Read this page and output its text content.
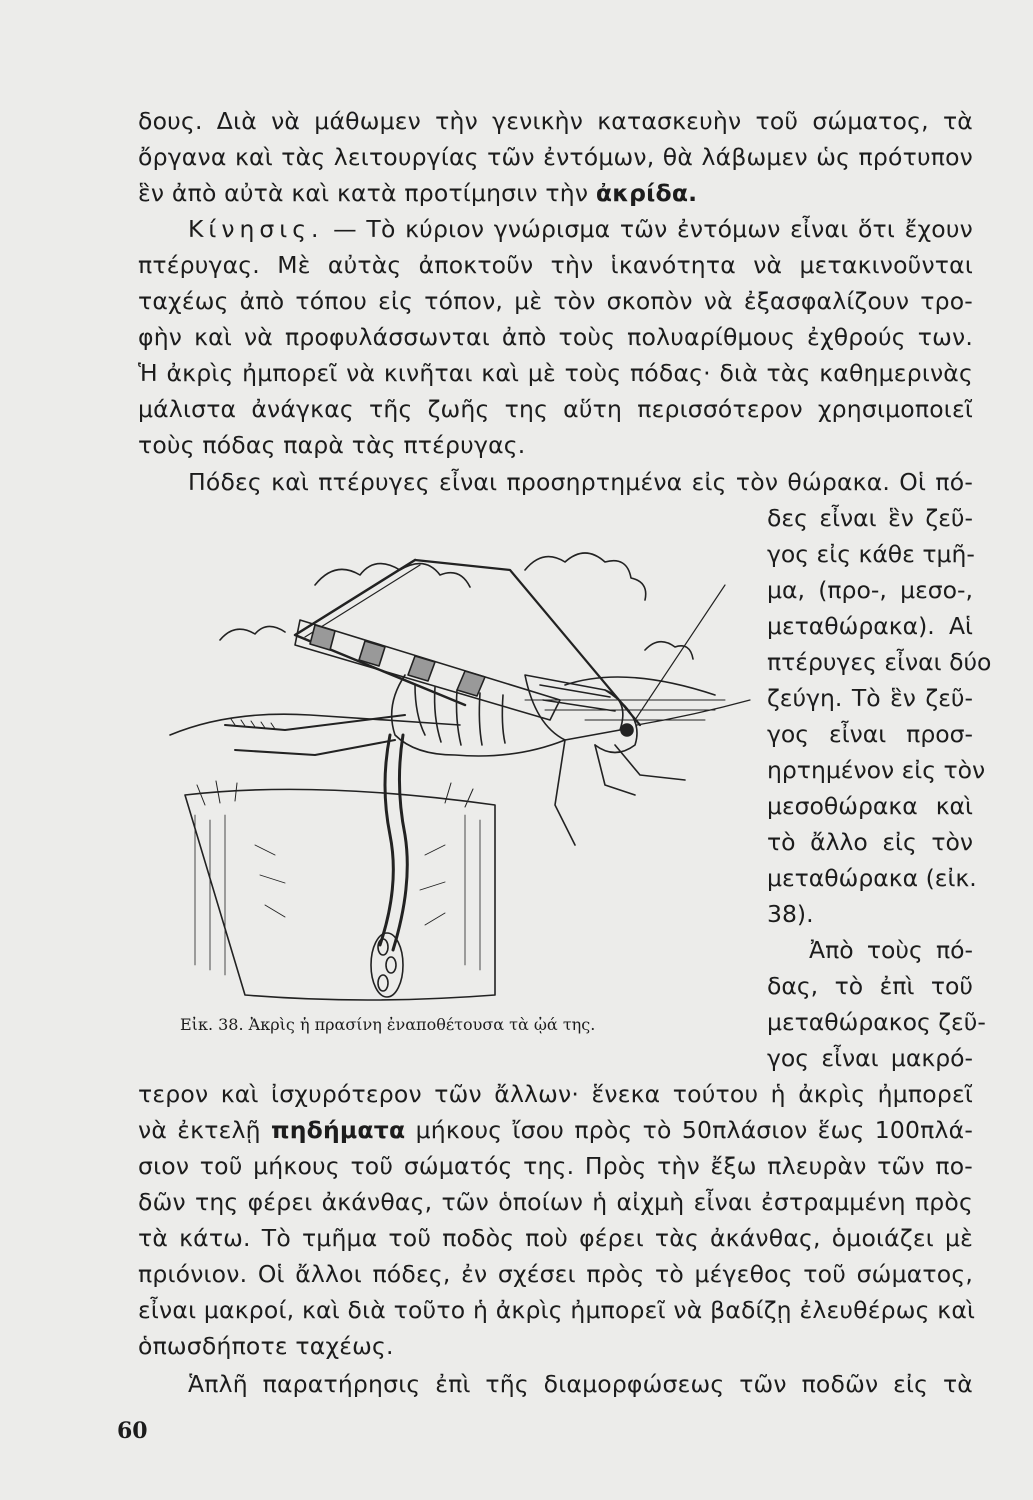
δους. Διὰ νὰ μάθωμεν τὴν γενικὴν κατασκευὴν τοῦ σώματος, τὰ
ὄργανα καὶ τὰς λειτουργίας τῶν ἐντόμων, θὰ λάβωμεν ὡς πρότυπον
ἓν ἀπὸ αὐτὰ καὶ κατὰ προτίμησιν τὴν ἀκρίδα.
Κίνησις. — Τὸ κύριον γνώρισμα τῶν ἐντόμων εἶναι ὅτι ἔχουν
πτέρυγας. Μὲ αὐτὰς ἀποκτοῦν τὴν ἱκανότητα νὰ μετακινοῦνται
ταχέως ἀπὸ τόπου εἰς τόπον, μὲ τὸν σκοπὸν νὰ ἐξασφαλίζουν τρο-
φὴν καὶ νὰ προφυλάσσωνται ἀπὸ τοὺς πολυαρίθμους ἐχθρούς των.
Ἡ ἀκρὶς ἠμπορεῖ νὰ κινῆται καὶ μὲ τοὺς πόδας· διὰ τὰς καθημερινὰς
μάλιστα ἀνάγκας τῆς ζωῆς της αὕτη περισσότερον χρησιμοποιεῖ
τοὺς πόδας παρὰ τὰς πτέρυγας.
Πόδες καὶ πτέρυγες εἶναι προσηρτημένα εἰς τὸν θώρακα. Οἱ πό-
δες εἶναι ἓν ζεῦ-
γος εἰς κάθε τμῆ-
μα, (προ-, μεσο-,
μεταθώρακα). Αἱ
πτέρυγες εἶναι δύο
ζεύγη. Τὸ ἓν ζεῦ-
γος εἶναι προσ-
ηρτημένον εἰς τὸν
μεσοθώρακα καὶ
τὸ ἄλλο εἰς τὸν
μεταθώρακα (εἰκ.
38).
Ἀπὸ τοὺς πό-
δας, τὸ ἐπὶ τοῦ
μεταθώρακος ζεῦ-
γος εἶναι μακρό-
Εἰκ. 38. Ἀκρὶς ἡ πρασίνη ἐναποθέτουσα τὰ ᾠά της.
τερον καὶ ἰσχυρότερον τῶν ἄλλων· ἕνεκα τούτου ἡ ἀκρὶς ἠμπορεῖ
νὰ ἐκτελῇ πηδήματα μήκους ἴσου πρὸς τὸ 50πλάσιον ἕως 100πλά-
σιον τοῦ μήκους τοῦ σώματός της. Πρὸς τὴν ἔξω πλευρὰν τῶν πο-
δῶν της φέρει ἀκάνθας, τῶν ὁποίων ἡ αἰχμὴ εἶναι ἐστραμμένη πρὸς
τὰ κάτω. Τὸ τμῆμα τοῦ ποδὸς ποὺ φέρει τὰς ἀκάνθας, ὁμοιάζει μὲ
πριόνιον. Οἱ ἄλλοι πόδες, ἐν σχέσει πρὸς τὸ μέγεθος τοῦ σώματος,
εἶναι μακροί, καὶ διὰ τοῦτο ἡ ἀκρὶς ἠμπορεῖ νὰ βαδίζῃ ἐλευθέρως καὶ
ὁπωσδήποτε ταχέως.
Ἁπλῆ παρατήρησις ἐπὶ τῆς διαμορφώσεως τῶν ποδῶν εἰς τὰ
60
